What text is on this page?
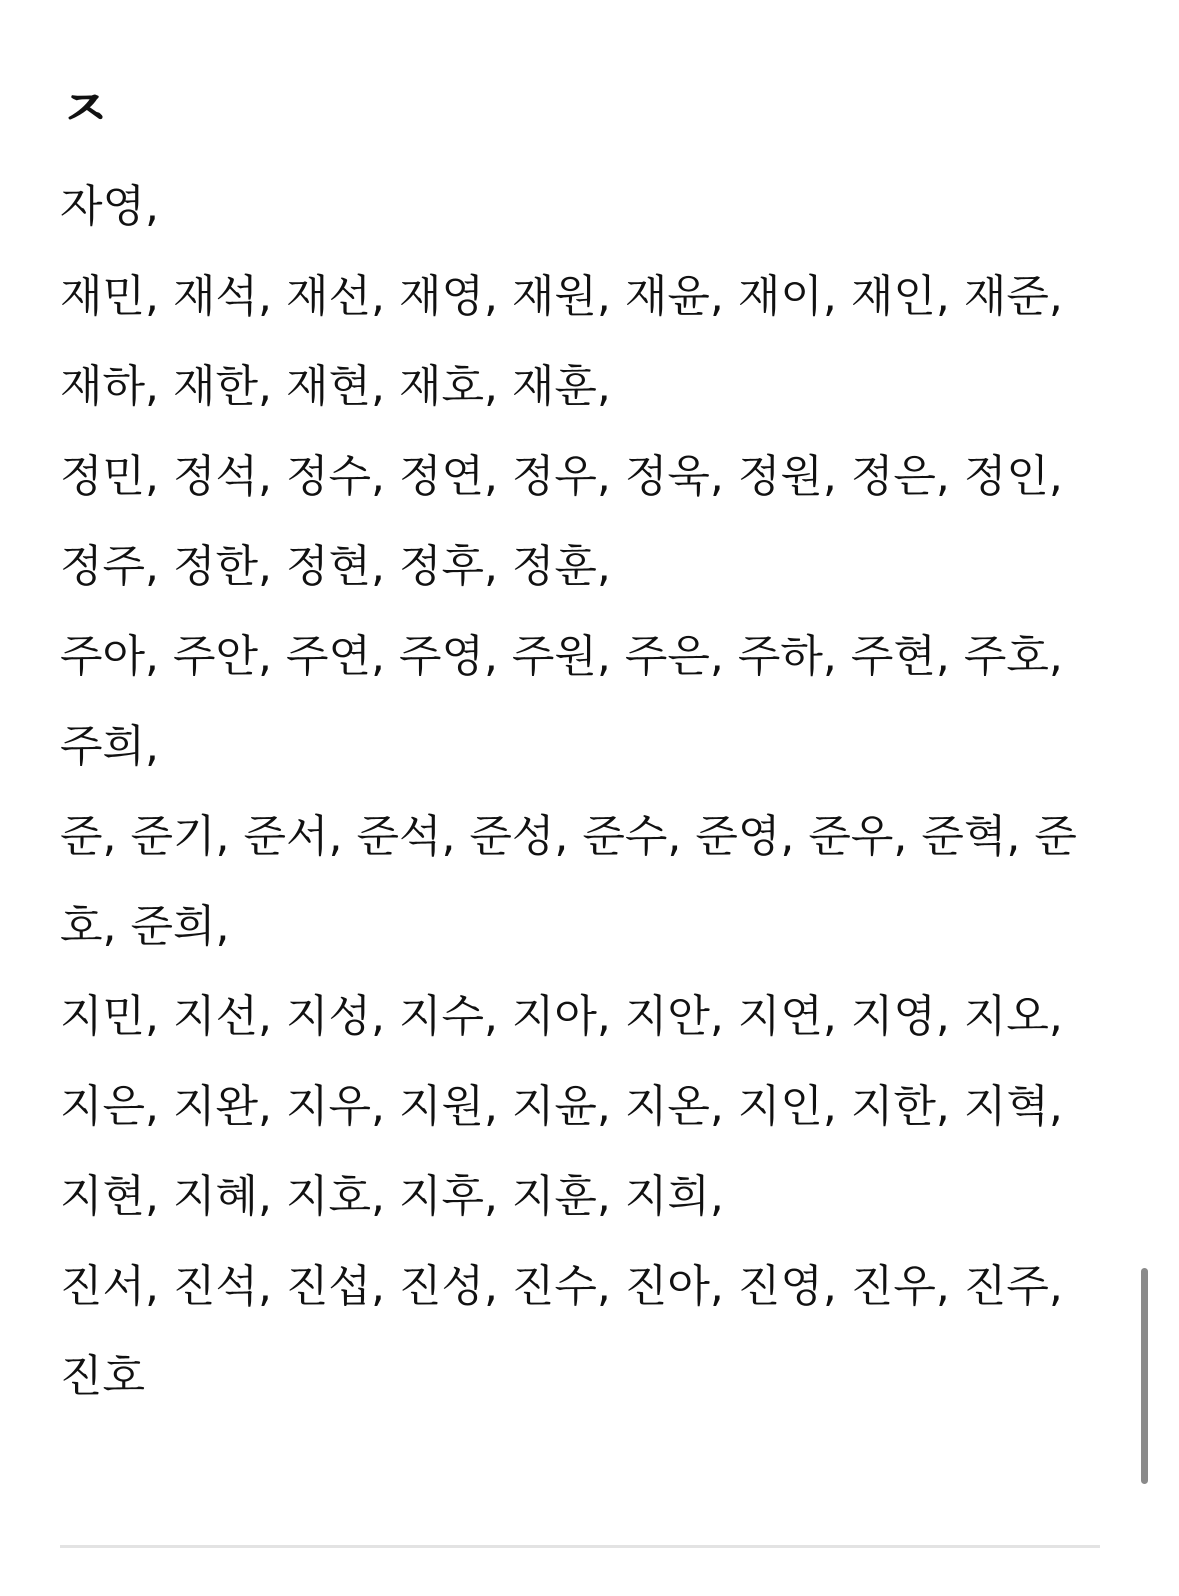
ㅈ

자영,

재민, 재석, 재선, 재영, 재원, 재윤, 재이, 재인, 재준, 재하, 재한, 재현, 재호, 재훈,

정민, 정석, 정수, 정연, 정우, 정욱, 정원, 정은, 정인, 정주, 정한, 정현, 정후, 정훈,

주아, 주안, 주연, 주영, 주원, 주은, 주하, 주현, 주호, 주희,

준, 준기, 준서, 준석, 준성, 준수, 준영, 준우, 준혁, 준호, 준희,

지민, 지선, 지성, 지수, 지아, 지안, 지연, 지영, 지오, 지은, 지완, 지우, 지원, 지윤, 지온, 지인, 지한, 지혁, 지현, 지혜, 지호, 지후, 지훈, 지희,

진서, 진석, 진섭, 진성, 진수, 진아, 진영, 진우, 진주, 진호
